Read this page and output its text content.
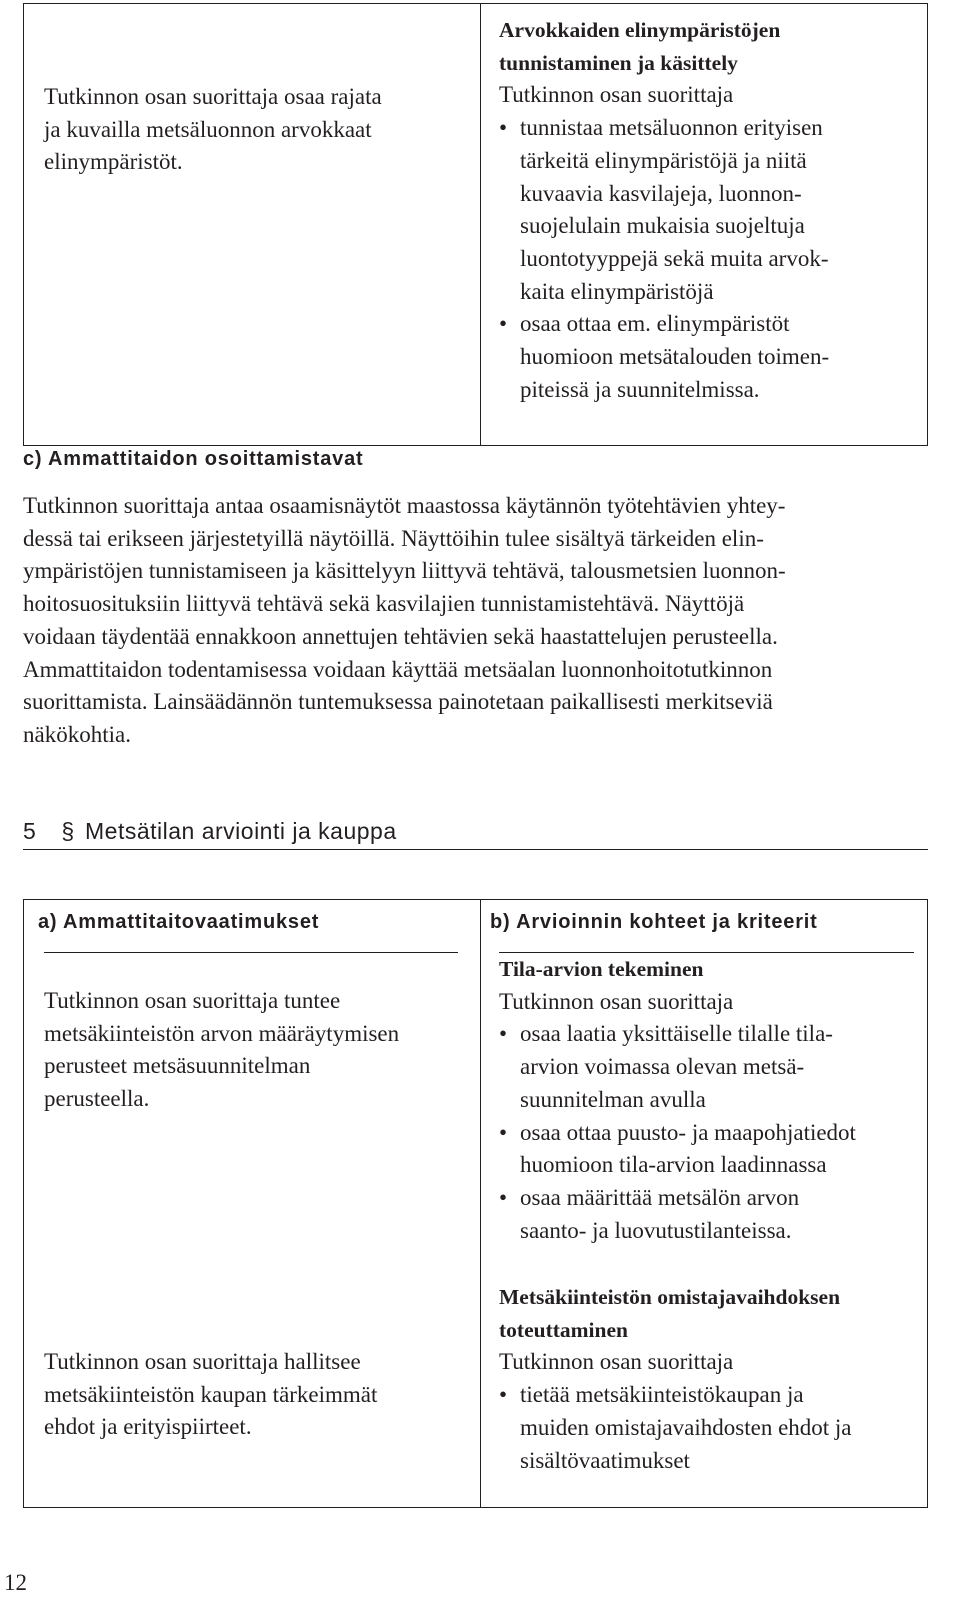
Tutkinnon osan suorittaja osaa rajata
ja kuvailla metsäluonnon arvokkaat
elinympäristöt.
Arvokkaiden elinympäristöjen
tunnistaminen ja käsittely
Tutkinnon osan suorittaja
• tunnistaa metsäluonnon erityisen
tärkeitä elinympäristöjä ja niitä
kuvaavia kasvilajeja, luonnon-
suojelulain mukaisia suojeltuja
luontotyyppejä sekä muita arvok-
kaita elinympäristöjä
• osaa ottaa em. elinympäristöt
huomioon metsätalouden toimen-
piteissä ja suunnitelmissa.
c) Ammattitaidon osoittamistavat
Tutkinnon suorittaja antaa osaamisnäytöt maastossa käytännön työtehtävien yhtey-
dessä tai erikseen järjestetyillä näytöillä. Näyttöihin tulee sisältyä tärkeiden elin-
ympäristöjen tunnistamiseen ja käsittelyyn liittyvä tehtävä, talousmetsien luonnon-
hoitosuosituksiin liittyvä tehtävä sekä kasvilajien tunnistamistehtävä. Näyttöjä
voidaan täydentää ennakkoon annettujen tehtävien sekä haastattelujen perusteella.
Ammattitaidon todentamisessa voidaan käyttää metsäalan luonnonhoitotutkinnon
suorittamista. Lainsäädännön tuntemuksessa painotetaan paikallisesti merkitseviä
näkökohtia.
5 § Metsätilan arviointi ja kauppa
a) Ammattitaitovaatimukset	b) Arvioinnin kohteet ja kriteerit
Tutkinnon osan suorittaja tuntee
metsäkiinteistön arvon määräytymisen
perusteet metsäsuunnitelman
perusteella.
Tutkinnon osan suorittaja hallitsee
metsäkiinteistön kaupan tärkeimmät
ehdot ja erityispiirteet.
Tila-arvion tekeminen
Tutkinnon osan suorittaja
• osaa laatia yksittäiselle tilalle tila-
arvion voimassa olevan metsä-
suunnitelman avulla
• osaa ottaa puusto- ja maapohjatiedot
huomioon tila-arvion laadinnassa
• osaa määrittää metsälön arvon
saanto- ja luovutustilanteissa.
Metsäkiinteistön omistajavaihdoksen
toteuttaminen
Tutkinnon osan suorittaja
• tietää metsäkiinteistökaupan ja
muiden omistajavaihdosten ehdot ja
sisältövaatimukset
12
